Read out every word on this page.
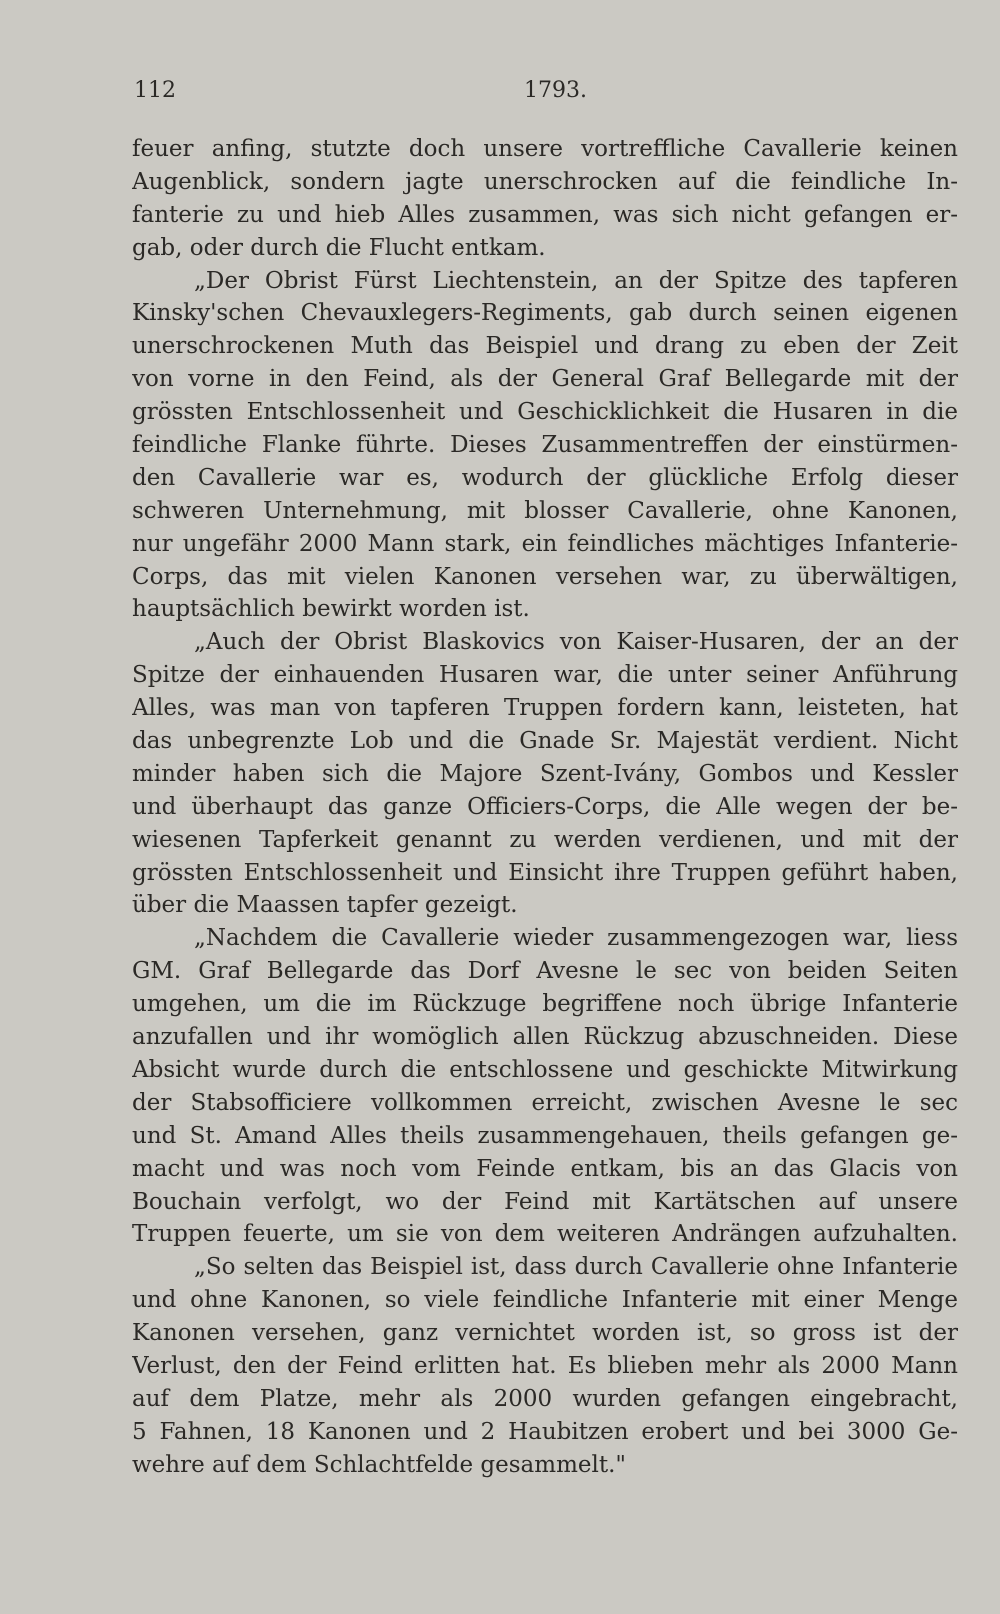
112	1793.
feuer anfing, stutzte doch unsere vortreffliche Cavallerie keinen
Augenblick, sondern jagte unerschrocken auf die feindliche In-
fanterie zu und hieb Alles zusammen, was sich nicht gefangen er-
gab, oder durch die Flucht entkam.
„Der Obrist Fürst Liechtenstein, an der Spitze des tapferen
Kinsky'schen Chevauxlegers-Regiments, gab durch seinen eigenen
unerschrockenen Muth das Beispiel und drang zu eben der Zeit
von vorne in den Feind, als der General Graf Bellegarde mit der
grössten Entschlossenheit und Geschicklichkeit die Husaren in die
feindliche Flanke führte. Dieses Zusammentreffen der einstürmen-
den Cavallerie war es, wodurch der glückliche Erfolg dieser
schweren Unternehmung, mit blosser Cavallerie, ohne Kanonen,
nur ungefähr 2000 Mann stark, ein feindliches mächtiges Infanterie-
Corps, das mit vielen Kanonen versehen war, zu überwältigen,
hauptsächlich bewirkt worden ist.
„Auch der Obrist Blaskovics von Kaiser-Husaren, der an der
Spitze der einhauenden Husaren war, die unter seiner Anführung
Alles, was man von tapferen Truppen fordern kann, leisteten, hat
das unbegrenzte Lob und die Gnade Sr. Majestät verdient. Nicht
minder haben sich die Majore Szent-Ivány, Gombos und Kessler
und überhaupt das ganze Officiers-Corps, die Alle wegen der be-
wiesenen Tapferkeit genannt zu werden verdienen, und mit der
grössten Entschlossenheit und Einsicht ihre Truppen geführt haben,
über die Maassen tapfer gezeigt.
„Nachdem die Cavallerie wieder zusammengezogen war, liess
GM. Graf Bellegarde das Dorf Avesne le sec von beiden Seiten
umgehen, um die im Rückzuge begriffene noch übrige Infanterie
anzufallen und ihr womöglich allen Rückzug abzuschneiden. Diese
Absicht wurde durch die entschlossene und geschickte Mitwirkung
der Stabsofficiere vollkommen erreicht, zwischen Avesne le sec
und St. Amand Alles theils zusammengehauen, theils gefangen ge-
macht und was noch vom Feinde entkam, bis an das Glacis von
Bouchain verfolgt, wo der Feind mit Kartätschen auf unsere
Truppen feuerte, um sie von dem weiteren Andrängen aufzuhalten.
„So selten das Beispiel ist, dass durch Cavallerie ohne Infanterie
und ohne Kanonen, so viele feindliche Infanterie mit einer Menge
Kanonen versehen, ganz vernichtet worden ist, so gross ist der
Verlust, den der Feind erlitten hat. Es blieben mehr als 2000 Mann
auf dem Platze, mehr als 2000 wurden gefangen eingebracht,
5 Fahnen, 18 Kanonen und 2 Haubitzen erobert und bei 3000 Ge-
wehre auf dem Schlachtfelde gesammelt."
